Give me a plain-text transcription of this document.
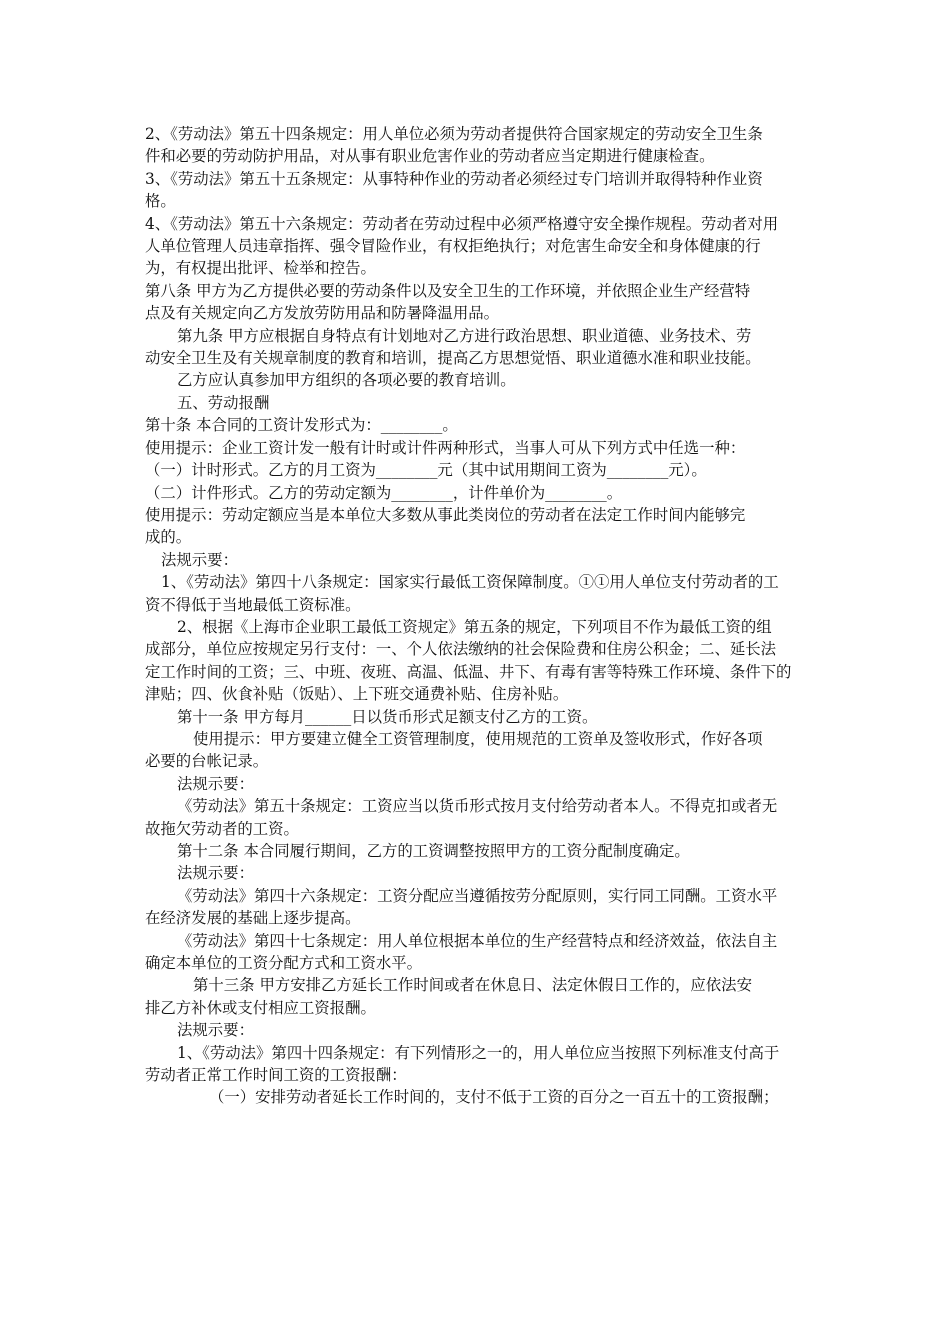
2、《劳动法》第五十四条规定：用人单位必须为劳动者提供符合国家规定的劳动安全卫生条
件和必要的劳动防护用品，对从事有职业危害作业的劳动者应当定期进行健康检查。
3、《劳动法》第五十五条规定：从事特种作业的劳动者必须经过专门培训并取得特种作业资
格。
4、《劳动法》第五十六条规定：劳动者在劳动过程中必须严格遵守安全操作规程。劳动者对用
人单位管理人员违章指挥、强令冒险作业，有权拒绝执行；对危害生命安全和身体健康的行
为，有权提出批评、检举和控告。
第八条 甲方为乙方提供必要的劳动条件以及安全卫生的工作环境，并依照企业生产经营特
点及有关规定向乙方发放劳防用品和防暑降温用品。
第九条 甲方应根据自身特点有计划地对乙方进行政治思想、职业道德、业务技术、劳
动安全卫生及有关规章制度的教育和培训，提高乙方思想觉悟、职业道德水准和职业技能。
乙方应认真参加甲方组织的各项必要的教育培训。
五、劳动报酬
第十条 本合同的工资计发形式为：________。
使用提示：企业工资计发一般有计时或计件两种形式，当事人可从下列方式中任选一种：
（一）计时形式。乙方的月工资为________元（其中试用期间工资为________元）。
（二）计件形式。乙方的劳动定额为________，计件单价为________。
使用提示：劳动定额应当是本单位大多数从事此类岗位的劳动者在法定工作时间内能够完
成的。
法规示要：
1、《劳动法》第四十八条规定：国家实行最低工资保障制度。①①用人单位支付劳动者的工
资不得低于当地最低工资标准。
2、根据《上海市企业职工最低工资规定》第五条的规定，下列项目不作为最低工资的组
成部分，单位应按规定另行支付：一、个人依法缴纳的社会保险费和住房公积金；二、延长法
定工作时间的工资；三、中班、夜班、高温、低温、井下、有毒有害等特殊工作环境、条件下的
津贴；四、伙食补贴（饭贴）、上下班交通费补贴、住房补贴。
第十一条 甲方每月______日以货币形式足额支付乙方的工资。
使用提示：甲方要建立健全工资管理制度，使用规范的工资单及签收形式，作好各项
必要的台帐记录。
法规示要：
《劳动法》第五十条规定：工资应当以货币形式按月支付给劳动者本人。不得克扣或者无
故拖欠劳动者的工资。
第十二条 本合同履行期间，乙方的工资调整按照甲方的工资分配制度确定。
法规示要：
《劳动法》第四十六条规定：工资分配应当遵循按劳分配原则，实行同工同酬。工资水平
在经济发展的基础上逐步提高。
《劳动法》第四十七条规定：用人单位根据本单位的生产经营特点和经济效益，依法自主
确定本单位的工资分配方式和工资水平。
第十三条 甲方安排乙方延长工作时间或者在休息日、法定休假日工作的，应依法安
排乙方补休或支付相应工资报酬。
法规示要：
1、《劳动法》第四十四条规定：有下列情形之一的，用人单位应当按照下列标准支付高于
劳动者正常工作时间工资的工资报酬：
（一）安排劳动者延长工作时间的，支付不低于工资的百分之一百五十的工资报酬；
